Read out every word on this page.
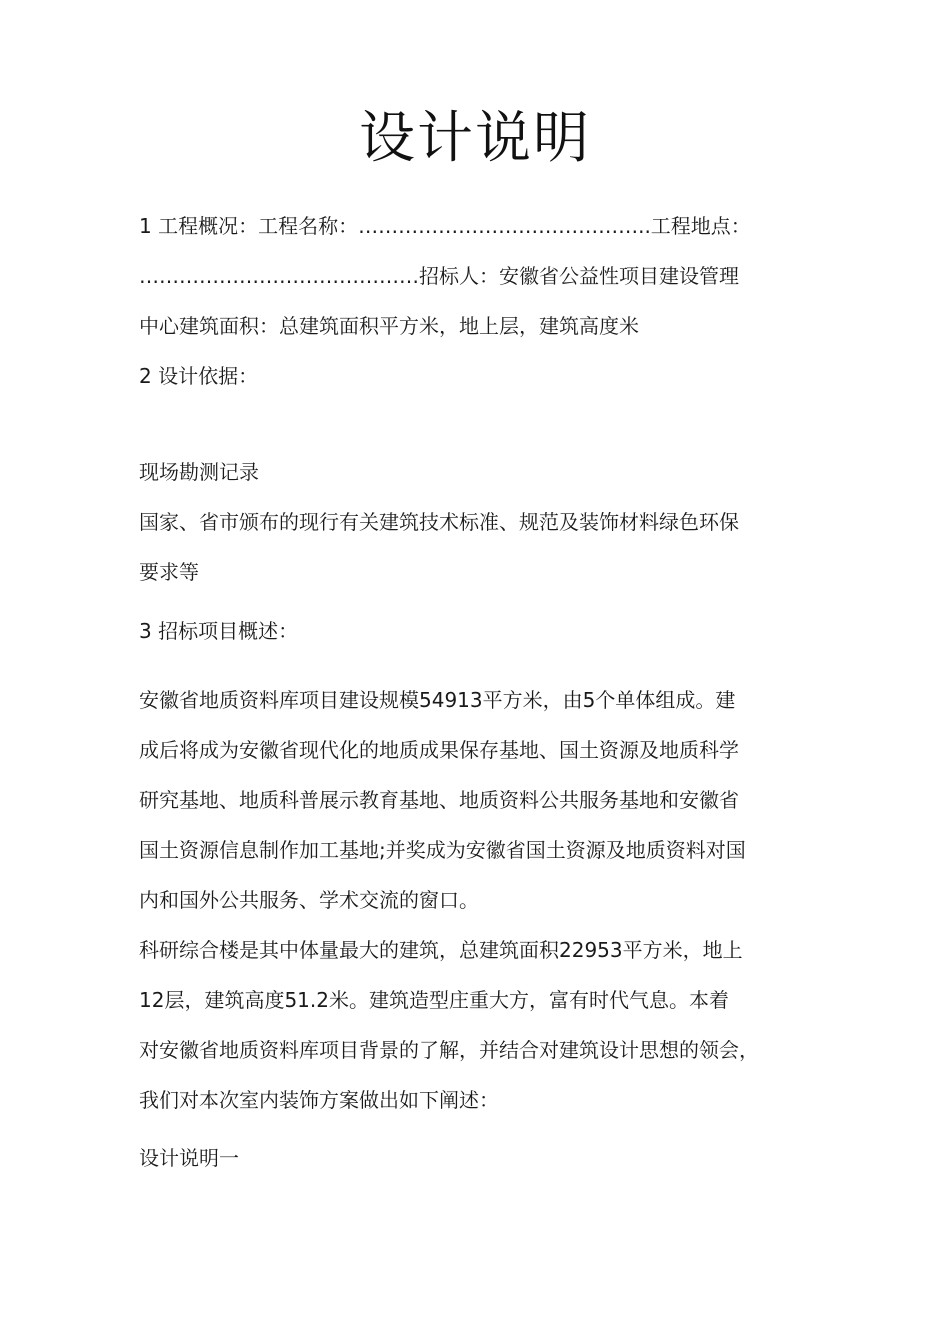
设计说明
1 工程概况：工程名称：……………………………………..工程地点：
……………………………………招标人：安徽省公益性项目建设管理
中心建筑面积：总建筑面积平方米，地上层，建筑高度米
2 设计依据：
现场勘测记录
国家、省市颁布的现行有关建筑技术标准、规范及装饰材料绿色环保
要求等
3 招标项目概述：
安徽省地质资料库项目建设规模54913平方米，由5个单体组成。建
成后将成为安徽省现代化的地质成果保存基地、国土资源及地质科学
研究基地、地质科普展示教育基地、地质资料公共服务基地和安徽省
国土资源信息制作加工基地;并奖成为安徽省国土资源及地质资料对国
内和国外公共服务、学术交流的窗口。
科研综合楼是其中体量最大的建筑，总建筑面积22953平方米，地上
12层，建筑高度51.2米。建筑造型庄重大方，富有时代气息。本着
对安徽省地质资料库项目背景的了解，并结合对建筑设计思想的领会，
我们对本次室内装饰方案做出如下阐述：
设计说明一
